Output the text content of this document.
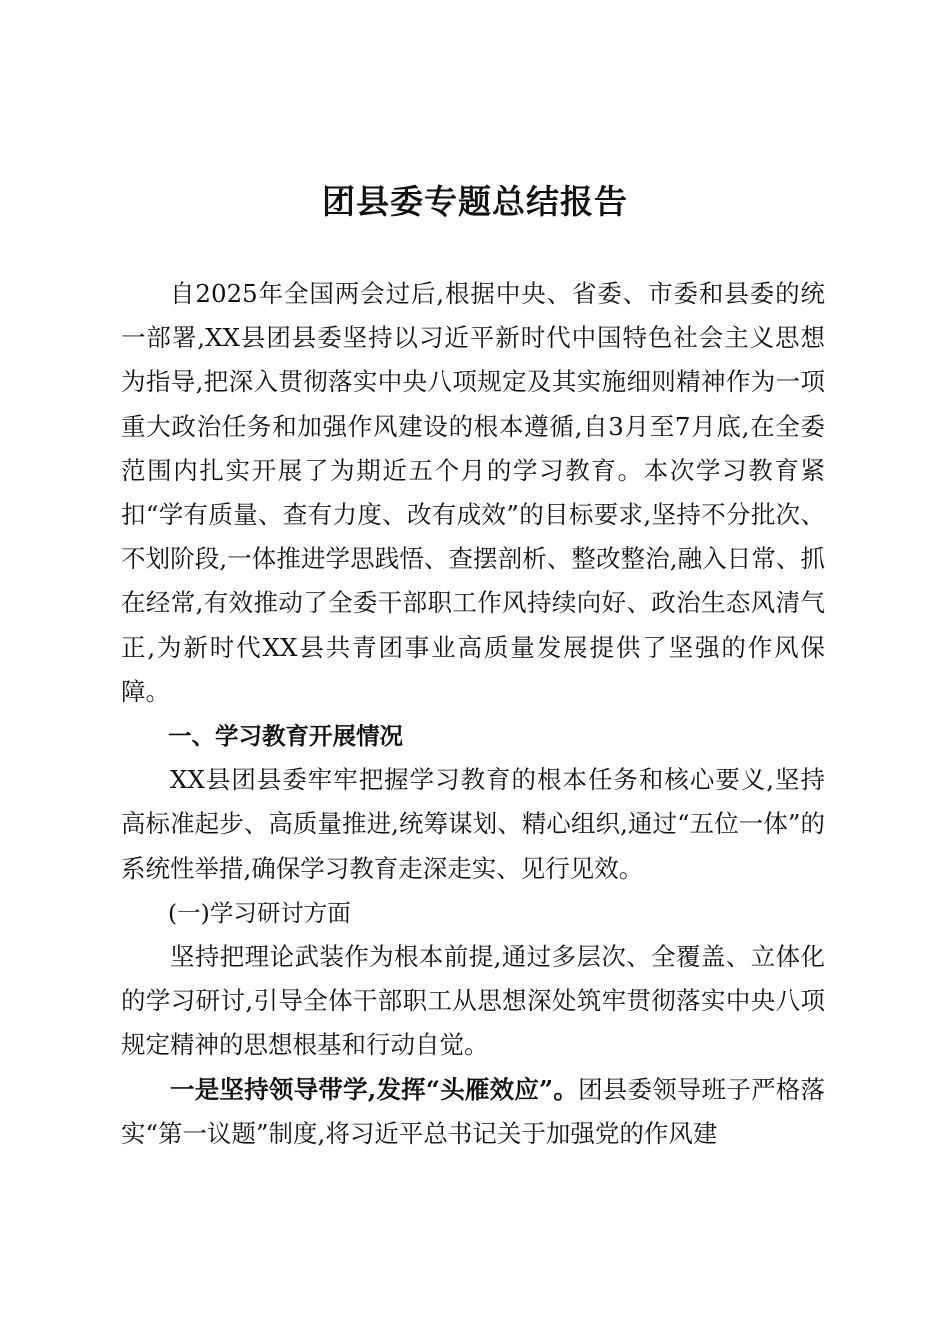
团县委专题总结报告

自2025年全国两会过后,根据中央、省委、市委和县委的统一部署,XX县团县委坚持以习近平新时代中国特色社会主义思想为指导,把深入贯彻落实中央八项规定及其实施细则精神作为一项重大政治任务和加强作风建设的根本遵循,自3月至7月底,在全委范围内扎实开展了为期近五个月的学习教育。本次学习教育紧扣“学有质量、查有力度、改有成效”的目标要求,坚持不分批次、不划阶段,一体推进学思践悟、查摆剖析、整改整治,融入日常、抓在经常,有效推动了全委干部职工作风持续向好、政治生态风清气正,为新时代XX县共青团事业高质量发展提供了坚强的作风保障。

一、学习教育开展情况

XX县团县委牢牢把握学习教育的根本任务和核心要义,坚持高标准起步、高质量推进,统筹谋划、精心组织,通过“五位一体”的系统性举措,确保学习教育走深走实、见行见效。

(一)学习研讨方面

坚持把理论武装作为根本前提,通过多层次、全覆盖、立体化的学习研讨,引导全体干部职工从思想深处筑牢贯彻落实中央八项规定精神的思想根基和行动自觉。

一是坚持领导带学,发挥“头雁效应”。团县委领导班子严格落实“第一议题”制度,将习近平总书记关于加强党的作风建
